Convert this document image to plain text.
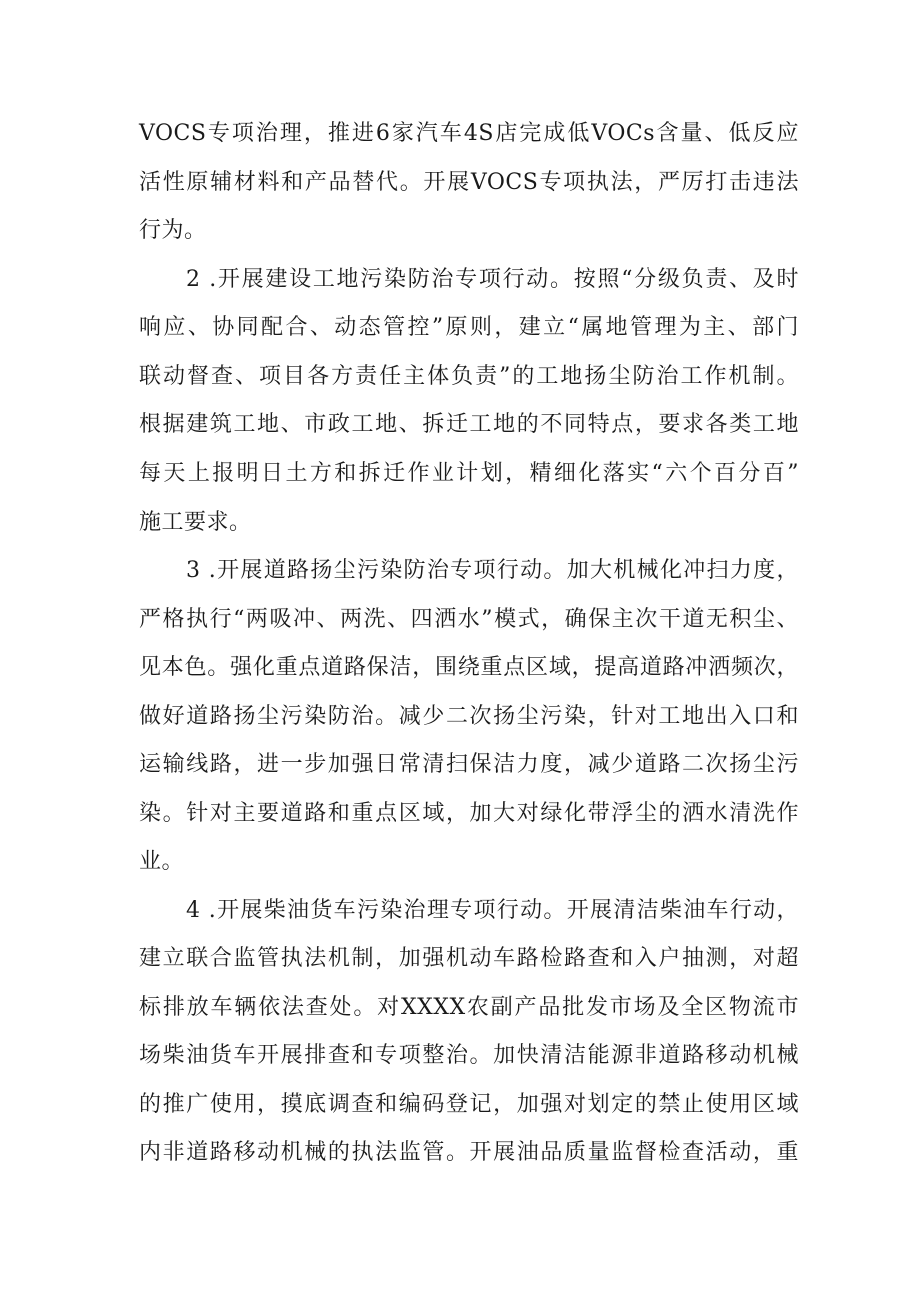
VOCS专项治理，推进6家汽车4S店完成低VOCs含量、低反应
活性原辅材料和产品替代。开展VOCS专项执法，严厉打击违法
行为。
2 .开展建设工地污染防治专项行动。按照“分级负责、及时
响应、协同配合、动态管控”原则，建立“属地管理为主、部门
联动督查、项目各方责任主体负责”的工地扬尘防治工作机制。
根据建筑工地、市政工地、拆迁工地的不同特点，要求各类工地
每天上报明日土方和拆迁作业计划，精细化落实“六个百分百”
施工要求。
3 .开展道路扬尘污染防治专项行动。加大机械化冲扫力度，
严格执行“两吸冲、两洗、四洒水”模式，确保主次干道无积尘、
见本色。强化重点道路保洁，围绕重点区域，提高道路冲洒频次，
做好道路扬尘污染防治。减少二次扬尘污染，针对工地出入口和
运输线路，进一步加强日常清扫保洁力度，减少道路二次扬尘污
染。针对主要道路和重点区域，加大对绿化带浮尘的洒水清洗作
业。
4 .开展柴油货车污染治理专项行动。开展清洁柴油车行动，
建立联合监管执法机制，加强机动车路检路查和入户抽测，对超
标排放车辆依法查处。对XXXX农副产品批发市场及全区物流市
场柴油货车开展排查和专项整治。加快清洁能源非道路移动机械
的推广使用，摸底调查和编码登记，加强对划定的禁止使用区域
内非道路移动机械的执法监管。开展油品质量监督检查活动，重
